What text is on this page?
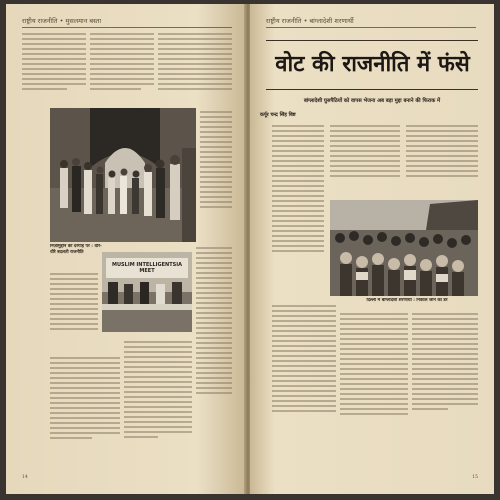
राष्ट्रीय राजनीति • मुसलमान बस्ता
निज़ामुद्दीन की दरगाह पर : धीरे-धीरे बदलती राजनीति
MUSLIM INTELLIGENTSIA MEET
14
राष्ट्रीय राजनीति • बांग्लादेशी शरणार्थी
वोट की राजनीति में फंसे
बांग्लादेशी घुसपैठियों को वापस भेजना अब बड़ा मुद्दा बनाने की फिराक में
कर्पूर चन्द्र सिंह बिष्ट
दिल्ली में बांग्लादेशी शरणार्थी : निकाले जाने का डर
15
